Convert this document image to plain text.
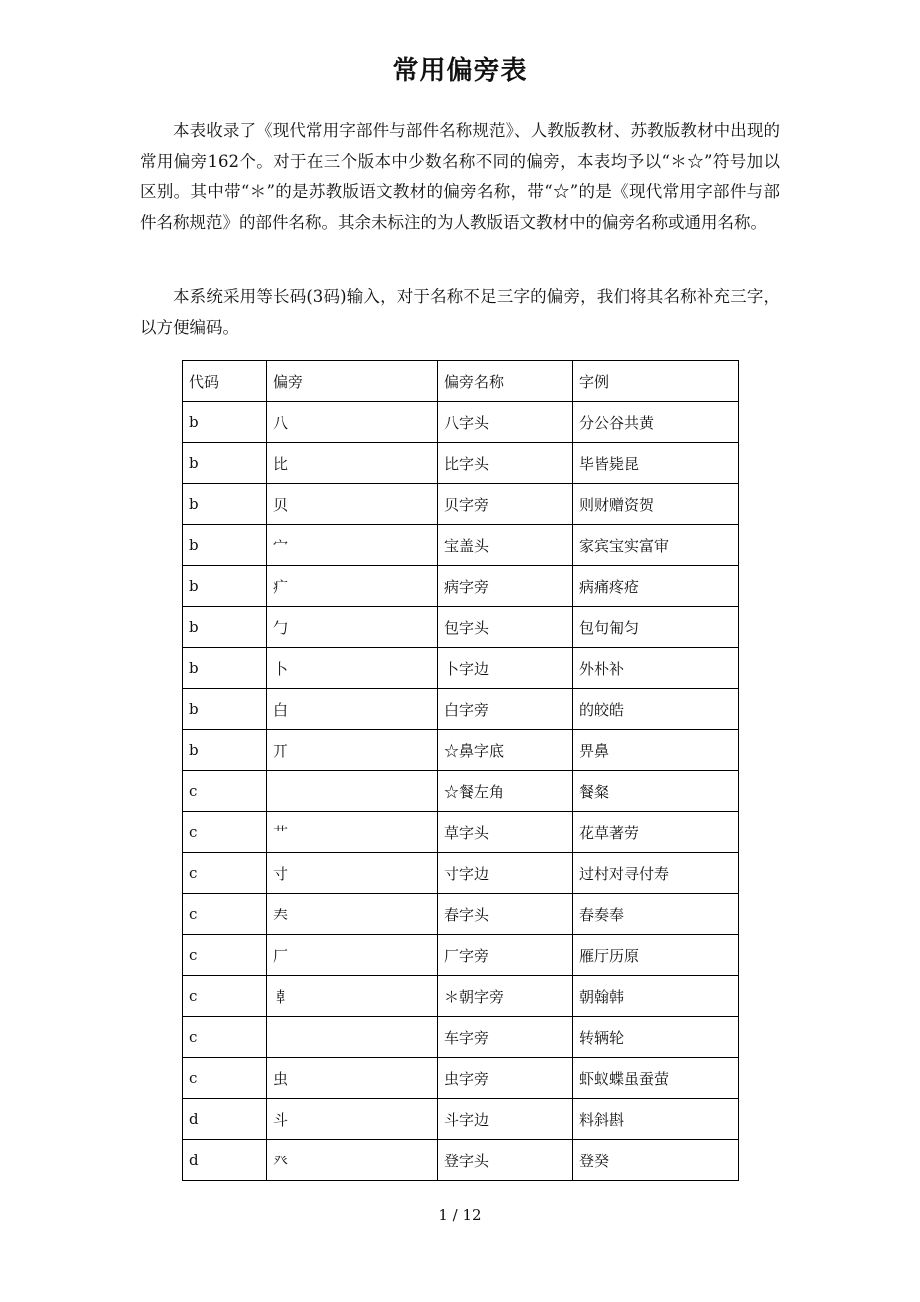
常用偏旁表

本表收录了《现代常用字部件与部件名称规范》、人教版教材、苏教版教材中出现的常用偏旁162个。对于在三个版本中少数名称不同的偏旁，本表均予以“＊☆”符号加以区别。其中带“＊”的是苏教版语文教材的偏旁名称，带“☆”的是《现代常用字部件与部件名称规范》的部件名称。其余未标注的为人教版语文教材中的偏旁名称或通用名称。

本系统采用等长码(3码)输入，对于名称不足三字的偏旁，我们将其名称补充三字，以方便编码。

代码	偏旁	偏旁名称	字例
b	八	八字头	分公谷共黄
b	比	比字头	毕皆毙昆
b	贝	贝字旁	则财赠资贺
b	宀	宝盖头	家宾宝实富审
b	疒	病字旁	病痛疼疮
b	勹	包字头	包句匍匀
b	卜	卜字边	外朴补
b	白	白字旁	的皎皓
b	丌	☆鼻字底	畀鼻
c		☆餐左角	餐粲
c	艹	草字头	花草著劳
c	寸	寸字边	过村对寻付寿
c	𡗗	春字头	春奏奉
c	厂	厂字旁	雁厅历原
c	𠦝	＊朝字旁	朝翰韩
c		车字旁	转辆轮
c	虫	虫字旁	虾蚁蝶虽蚕萤
d	斗	斗字边	料斜斟
d	癶	登字头	登癸
1 / 12
